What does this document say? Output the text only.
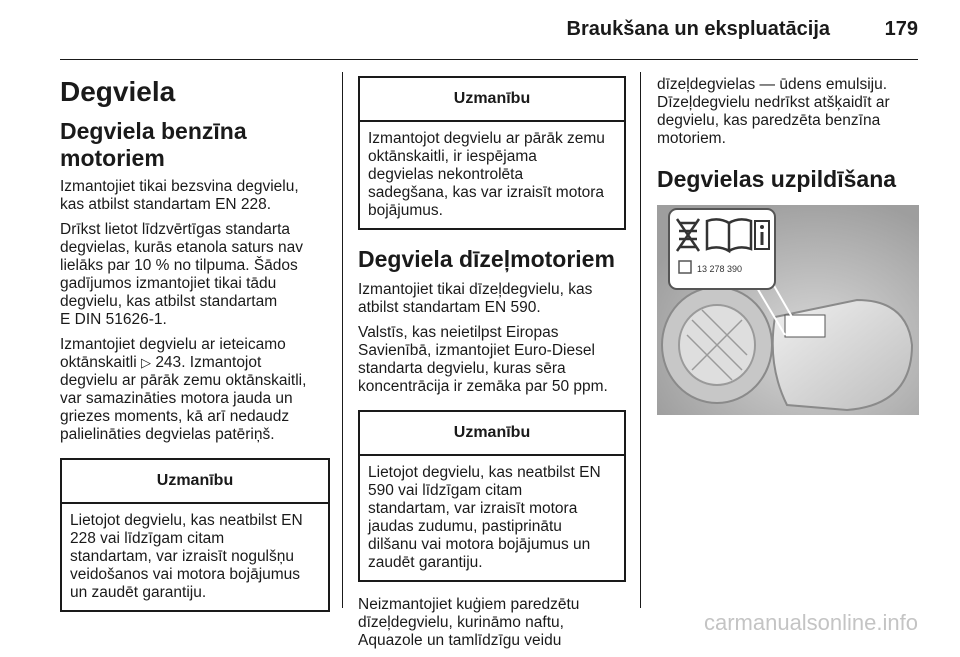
Braukšana un ekspluatācija	179
Degviela
Degviela benzīna
motoriem

Izmantojiet tikai bezsvina degvielu,
kas atbilst standartam EN 228.

Drīkst lietot līdzvērtīgas standarta
degvielas, kurās etanola saturs nav
lielāks par 10 % no tilpuma. Šādos
gadījumos izmantojiet tikai tādu
degvielu, kas atbilst standartam
E DIN 51626-1.

Izmantojiet degvielu ar ieteicamo
oktānskaitli ▷ 243. Izmantojot
degvielu ar pārāk zemu oktānskaitli,
var samazināties motora jauda un
griezes moments, kā arī nedaudz
palielināties degvielas patēriņš.

Uzmanību
Lietojot degvielu, kas neatbilst EN
228 vai līdzīgam citam
standartam, var izraisīt nogulšņu
veidošanos vai motora bojājumus
un zaudēt garantiju.
Uzmanību
Izmantojot degvielu ar pārāk zemu
oktānskaitli, ir iespējama
degvielas nekontrolēta
sadegšana, kas var izraisīt motora
bojājumus.
Degviela dīzeļmotoriem

Izmantojiet tikai dīzeļdegvielu, kas
atbilst standartam EN 590.

Valstīs, kas neietilpst Eiropas
Savienībā, izmantojiet Euro-Diesel
standarta degvielu, kuras sēra
koncentrācija ir zemāka par 50 ppm.

Uzmanību
Lietojot degvielu, kas neatbilst EN
590 vai līdzīgam citam
standartam, var izraisīt motora
jaudas zudumu, pastiprinātu
dilšanu vai motora bojājumus un
zaudēt garantiju.

Neizmantojiet kuģiem paredzētu
dīzeļdegvielu, kurināmo naftu,
Aquazole un tamlīdzīgu veidu

dīzeļdegvielas — ūdens emulsiju.
Dīzeļdegvielu nedrīkst atšķaidīt ar
degvielu, kas paredzēta benzīna
motoriem.

Degvielas uzpildīšana
13 278 390
carmanualsonline.info
